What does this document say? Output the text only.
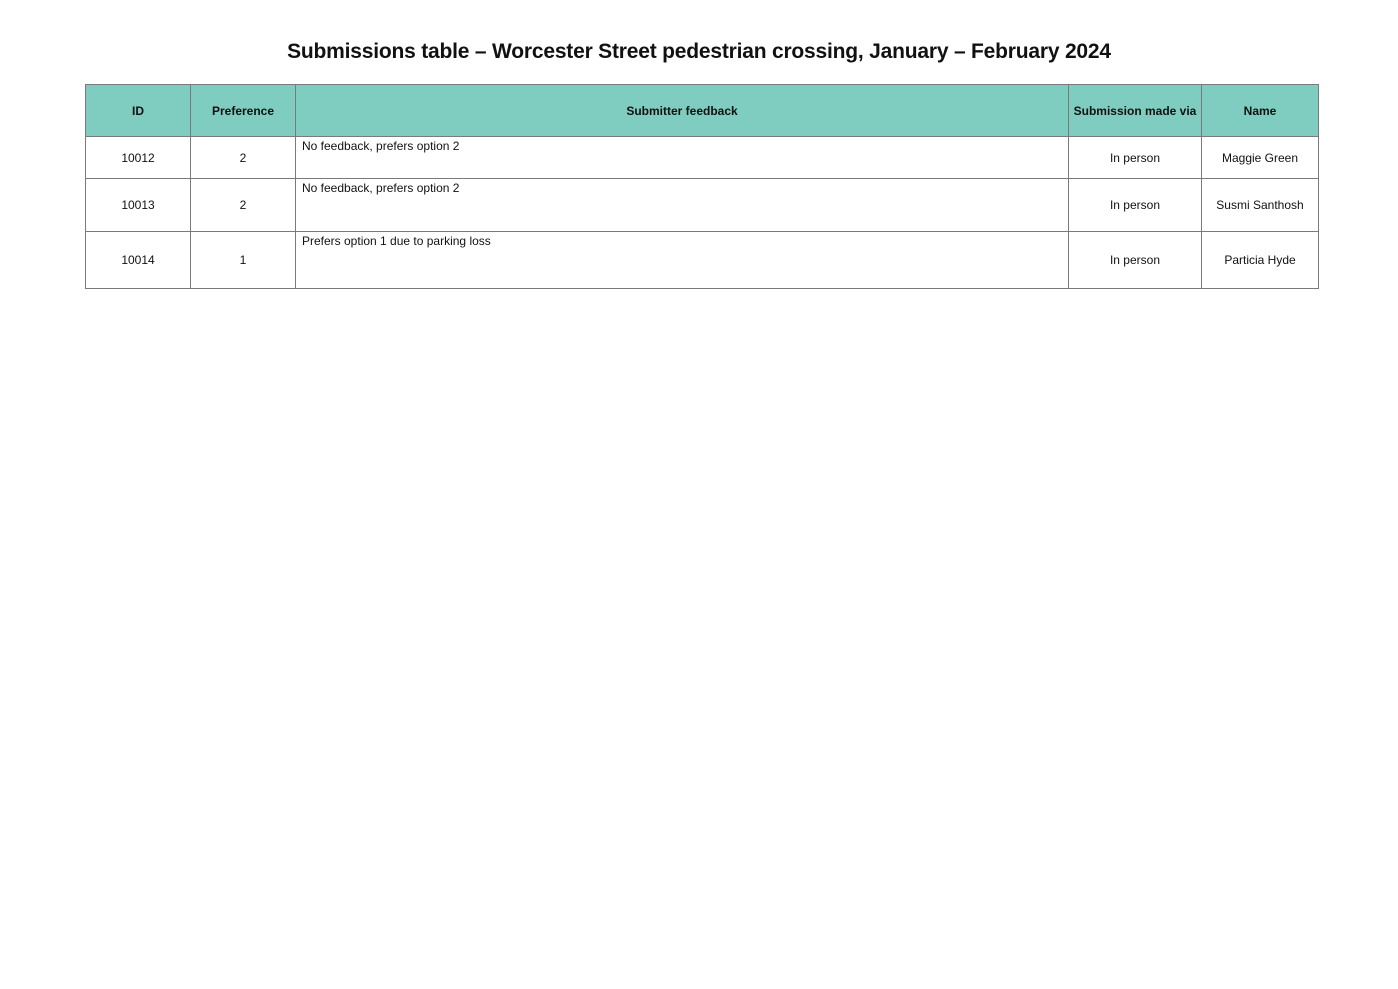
Submissions table – Worcester Street pedestrian crossing, January – February 2024
ID	Preference	Submitter feedback	Submission made via	Name
10012	2	No feedback, prefers option 2	In person	Maggie Green
10013	2	No feedback, prefers option 2	In person	Susmi Santhosh
10014	1	Prefers option 1 due to parking loss	In person	Particia Hyde
